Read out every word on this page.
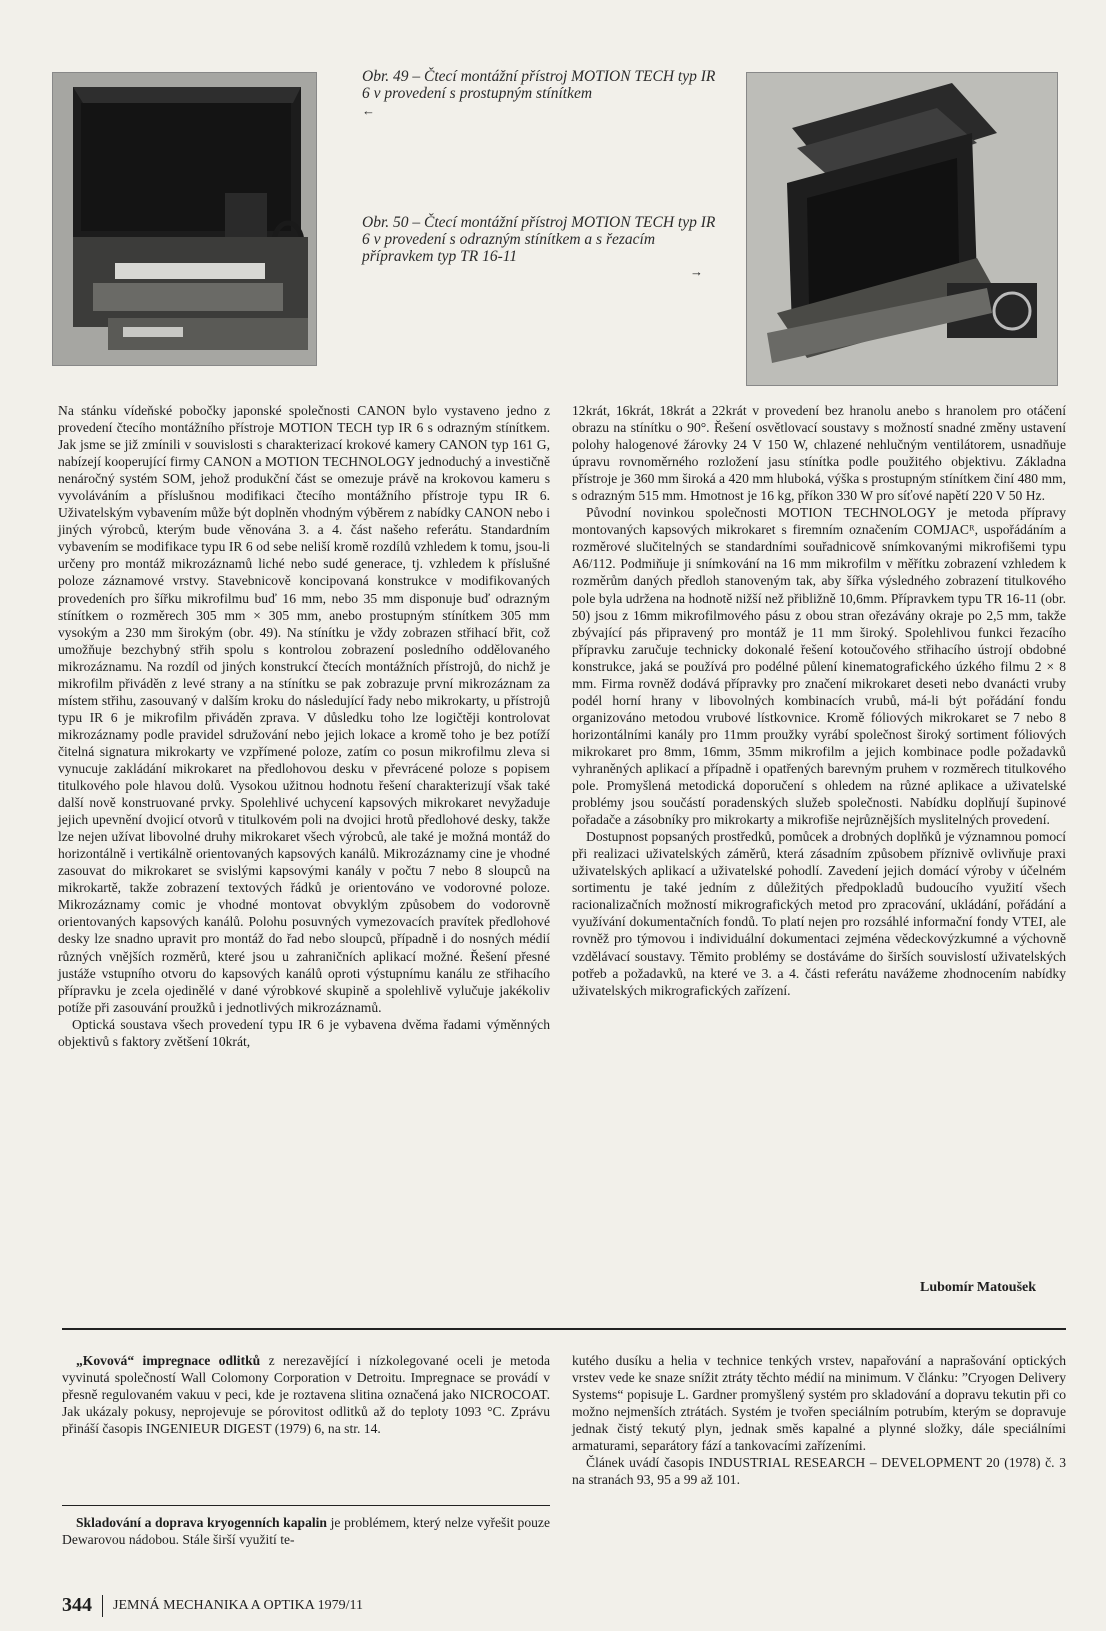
Obr. 49 – Čtecí montážní přístroj MOTION TECH typ IR 6 v provedení s prostupným stínítkem
←
Obr. 50 – Čtecí montážní přístroj MOTION TECH typ IR 6 v provedení s odrazným stínítkem a s řezacím přípravkem typ TR 16-11
→

Na stánku vídeňské pobočky japonské společnosti CANON bylo vystaveno jedno z provedení čtecího montážního přístroje MOTION TECH typ IR 6 s odrazným stínítkem. Jak jsme se již zmínili v souvislosti s charakterizací krokové kamery CANON typ 161 G, nabízejí kooperující firmy CANON a MOTION TECHNOLOGY jednoduchý a investičně nenáročný systém SOM, jehož produkční část se omezuje právě na krokovou kameru s vyvoláváním a příslušnou modifikaci čtecího montážního přístroje typu IR 6. Uživatelským vybavením může být doplněn vhodným výběrem z nabídky CANON nebo i jiných výrobců, kterým bude věnována 3. a 4. část našeho referátu. Standardním vybavením se modifikace typu IR 6 od sebe neliší kromě rozdílů vzhledem k tomu, jsou-li určeny pro montáž mikrozáznamů liché nebo sudé generace, tj. vzhledem k příslušné poloze záznamové vrstvy. Stavebnicově koncipovaná konstrukce v modifikovaných provedeních pro šířku mikrofilmu buď 16 mm, nebo 35 mm disponuje buď odrazným stínítkem o rozměrech 305 mm × 305 mm, anebo prostupným stínítkem 305 mm vysokým a 230 mm širokým (obr. 49). Na stínítku je vždy zobrazen střihací břit, což umožňuje bezchybný střih spolu s kontrolou zobrazení posledního oddělovaného mikrozáznamu. Na rozdíl od jiných konstrukcí čtecích montážních přístrojů, do nichž je mikrofilm přiváděn z levé strany a na stínítku se pak zobrazuje první mikrozáznam za místem střihu, zasouvaný v dalším kroku do následující řady nebo mikrokarty, u přístrojů typu IR 6 je mikrofilm přiváděn zprava. V důsledku toho lze logičtěji kontrolovat mikrozáznamy podle pravidel sdružování nebo jejich lokace a kromě toho je bez potíží čitelná signatura mikrokarty ve vzpřímené poloze, zatím co posun mikrofilmu zleva si vynucuje zakládání mikrokaret na předlohovou desku v převrácené poloze s popisem titulkového pole hlavou dolů. Vysokou užitnou hodnotu řešení charakterizují však také další nově konstruované prvky. Spolehlivé uchycení kapsových mikrokaret nevyžaduje jejich upevnění dvojicí otvorů v titulkovém poli na dvojici hrotů předlohové desky, takže lze nejen užívat libovolné druhy mikrokaret všech výrobců, ale také je možná montáž do horizontálně i vertikálně orientovaných kapsových kanálů. Mikrozáznamy cine je vhodné zasouvat do mikrokaret se svislými kapsovými kanály v počtu 7 nebo 8 sloupců na mikrokartě, takže zobrazení textových řádků je orientováno ve vodorovné poloze. Mikrozáznamy comic je vhodné montovat obvyklým způsobem do vodorovně orientovaných kapsových kanálů. Polohu posuvných vymezovacích pravítek předlohové desky lze snadno upravit pro montáž do řad nebo sloupců, případně i do nosných médií různých vnějších rozměrů, které jsou u zahraničních aplikací možné. Řešení přesné justáže vstupního otvoru do kapsových kanálů oproti výstupnímu kanálu ze střihacího přípravku je zcela ojedinělé v dané výrobkové skupině a spolehlivě vylučuje jakékoliv potíže při zasouvání proužků i jednotlivých mikrozáznamů.

Optická soustava všech provedení typu IR 6 je vybavena dvěma řadami výměnných objektivů s faktory zvětšení 10krát,

12krát, 16krát, 18krát a 22krát v provedení bez hranolu anebo s hranolem pro otáčení obrazu na stínítku o 90°. Řešení osvětlovací soustavy s možností snadné změny ustavení polohy halogenové žárovky 24 V 150 W, chlazené nehlučným ventilátorem, usnadňuje úpravu rovnoměrného rozložení jasu stínítka podle použitého objektivu. Základna přístroje je 360 mm široká a 420 mm hluboká, výška s prostupným stínítkem činí 480 mm, s odrazným 515 mm. Hmotnost je 16 kg, příkon 330 W pro síťové napětí 220 V 50 Hz.

Původní novinkou společnosti MOTION TECHNOLOGY je metoda přípravy montovaných kapsových mikrokaret s firemním označením COMJACᴿ, uspořádáním a rozměrové slučitelných se standardními souřadnicově snímkovanými mikrofišemi typu A6/112. Podmiňuje ji snímkování na 16 mm mikrofilm v měřítku zobrazení vzhledem k rozměrům daných předloh stanoveným tak, aby šířka výsledného zobrazení titulkového pole byla udržena na hodnotě nižší než přibližně 10,6mm. Přípravkem typu TR 16-11 (obr. 50) jsou z 16mm mikrofilmového pásu z obou stran ořezávány okraje po 2,5 mm, takže zbývající pás připravený pro montáž je 11 mm široký. Spolehlivou funkci řezacího přípravku zaručuje technicky dokonalé řešení kotoučového střihacího ústrojí obdobné konstrukce, jaká se používá pro podélné půlení kinematografického úzkého filmu 2 × 8 mm. Firma rovněž dodává přípravky pro značení mikrokaret deseti nebo dvanácti vruby podél horní hrany v libovolných kombinacích vrubů, má-li být pořádání fondu organizováno metodou vrubové lístkovnice. Kromě fóliových mikrokaret se 7 nebo 8 horizontálními kanály pro 11mm proužky vyrábí společnost široký sortiment fóliových mikrokaret pro 8mm, 16mm, 35mm mikrofilm a jejich kombinace podle požadavků vyhraněných aplikací a případně i opatřených barevným pruhem v rozměrech titulkového pole. Promyšlená metodická doporučení s ohledem na různé aplikace a uživatelské problémy jsou součástí poradenských služeb společnosti. Nabídku doplňují šupinové pořadače a zásobníky pro mikrokarty a mikrofiše nejrůznějších myslitelných provedení.

Dostupnost popsaných prostředků, pomůcek a drobných doplňků je významnou pomocí při realizaci uživatelských záměrů, která zásadním způsobem příznivě ovlivňuje praxi uživatelských aplikací a uživatelské pohodlí. Zavedení jejich domácí výroby v účelném sortimentu je také jedním z důležitých předpokladů budoucího využití všech racionalizačních možností mikrografických metod pro zpracování, ukládání, pořádání a využívání dokumentačních fondů. To platí nejen pro rozsáhlé informační fondy VTEI, ale rovněž pro týmovou i individuální dokumentaci zejména vědeckovýzkumné a výchovně vzdělávací soustavy. Těmito problémy se dostáváme do širších souvislostí uživatelských potřeb a požadavků, na které ve 3. a 4. části referátu navážeme zhodnocením nabídky uživatelských mikrografických zařízení.

Lubomír Matoušek

„Kovová“ impregnace odlitků z nerezavějící i nízkolegované oceli je metoda vyvinutá společností Wall Colomony Corporation v Detroitu. Impregnace se provádí v přesně regulovaném vakuu v peci, kde je roztavena slitina označená jako NICROCOAT. Jak ukázaly pokusy, neprojevuje se pórovitost odlitků až do teploty 1093 °C. Zprávu přináší časopis INGENIEUR DIGEST (1979) 6, na str. 14.

Skladování a doprava kryogenních kapalin je problémem, který nelze vyřešit pouze Dewarovou nádobou. Stále širší využití te-

kutého dusíku a helia v technice tenkých vrstev, napařování a naprašování optických vrstev vede ke snaze snížit ztráty těchto médií na minimum. V článku: ”Cryogen Delivery Systems“ popisuje L. Gardner promyšlený systém pro skladování a dopravu tekutin při co možno nejmenších ztrátách. Systém je tvořen speciálním potrubím, kterým se dopravuje jednak čistý tekutý plyn, jednak směs kapalné a plynné složky, dále speciálními armaturami, separátory fází a tankovacími zařízeními.

Článek uvádí časopis INDUSTRIAL RESEARCH – DEVELOPMENT 20 (1978) č. 3 na stranách 93, 95 a 99 až 101.

344 JEMNÁ MECHANIKA A OPTIKA 1979/11
